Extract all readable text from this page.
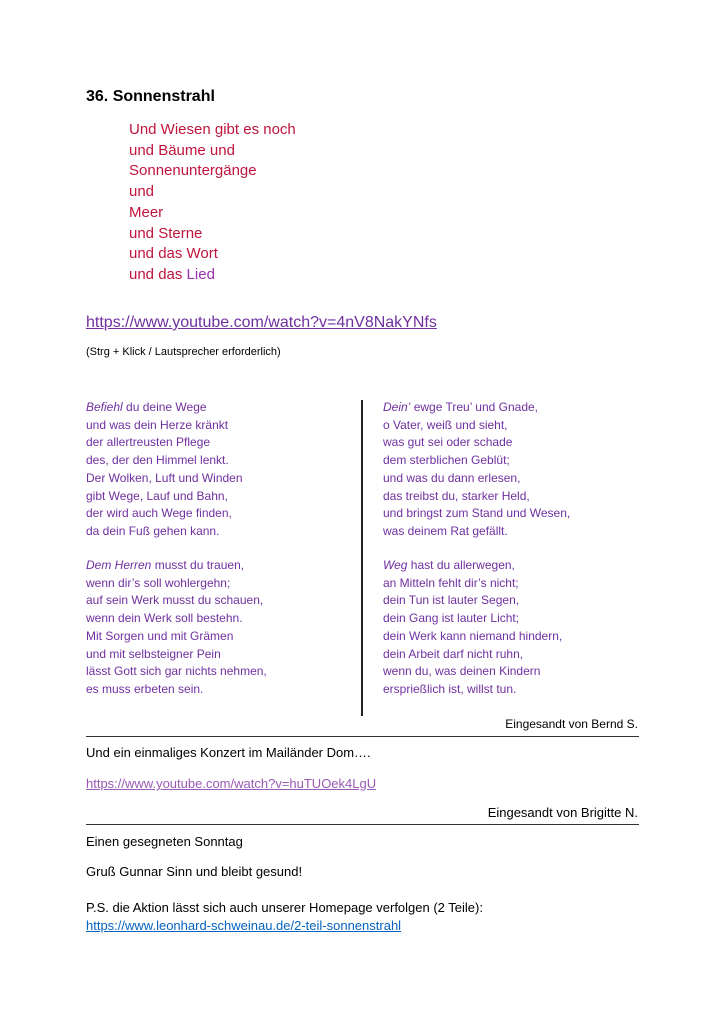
36. Sonnenstrahl
Und Wiesen gibt es noch
und Bäume und
Sonnenuntergänge
und
Meer
und Sterne
und das Wort
und das Lied
https://www.youtube.com/watch?v=4nV8NakYNfs
(Strg + Klick / Lautsprecher erforderlich)
Befiehl du deine Wege
und was dein Herze kränkt
der allertreusten Pflege
des, der den Himmel lenkt.
Der Wolken, Luft und Winden
gibt Wege, Lauf und Bahn,
der wird auch Wege finden,
da dein Fuß gehen kann.
Dem Herren musst du trauen,
wenn dir’s soll wohlergehn;
auf sein Werk musst du schauen,
wenn dein Werk soll bestehn.
Mit Sorgen und mit Grämen
und mit selbsteigner Pein
lässt Gott sich gar nichts nehmen,
es muss erbeten sein.
Dein’ ewge Treu’ und Gnade,
o Vater, weiß und sieht,
was gut sei oder schade
dem sterblichen Geblüt;
und was du dann erlesen,
das treibst du, starker Held,
und bringst zum Stand und Wesen,
was deinem Rat gefällt.
Weg hast du allerwegen,
an Mitteln fehlt dir’s nicht;
dein Tun ist lauter Segen,
dein Gang ist lauter Licht;
dein Werk kann niemand hindern,
dein Arbeit darf nicht ruhn,
wenn du, was deinen Kindern
ersprießlich ist, willst tun.
Eingesandt von Bernd S.
Und ein einmaliges Konzert im Mailänder Dom….
https://www.youtube.com/watch?v=huTUOek4LgU
Eingesandt von Brigitte N.
Einen gesegneten Sonntag
Gruß Gunnar Sinn und bleibt gesund!
P.S. die Aktion lässt sich auch unserer Homepage verfolgen (2 Teile):
https://www.leonhard-schweinau.de/2-teil-sonnenstrahl
